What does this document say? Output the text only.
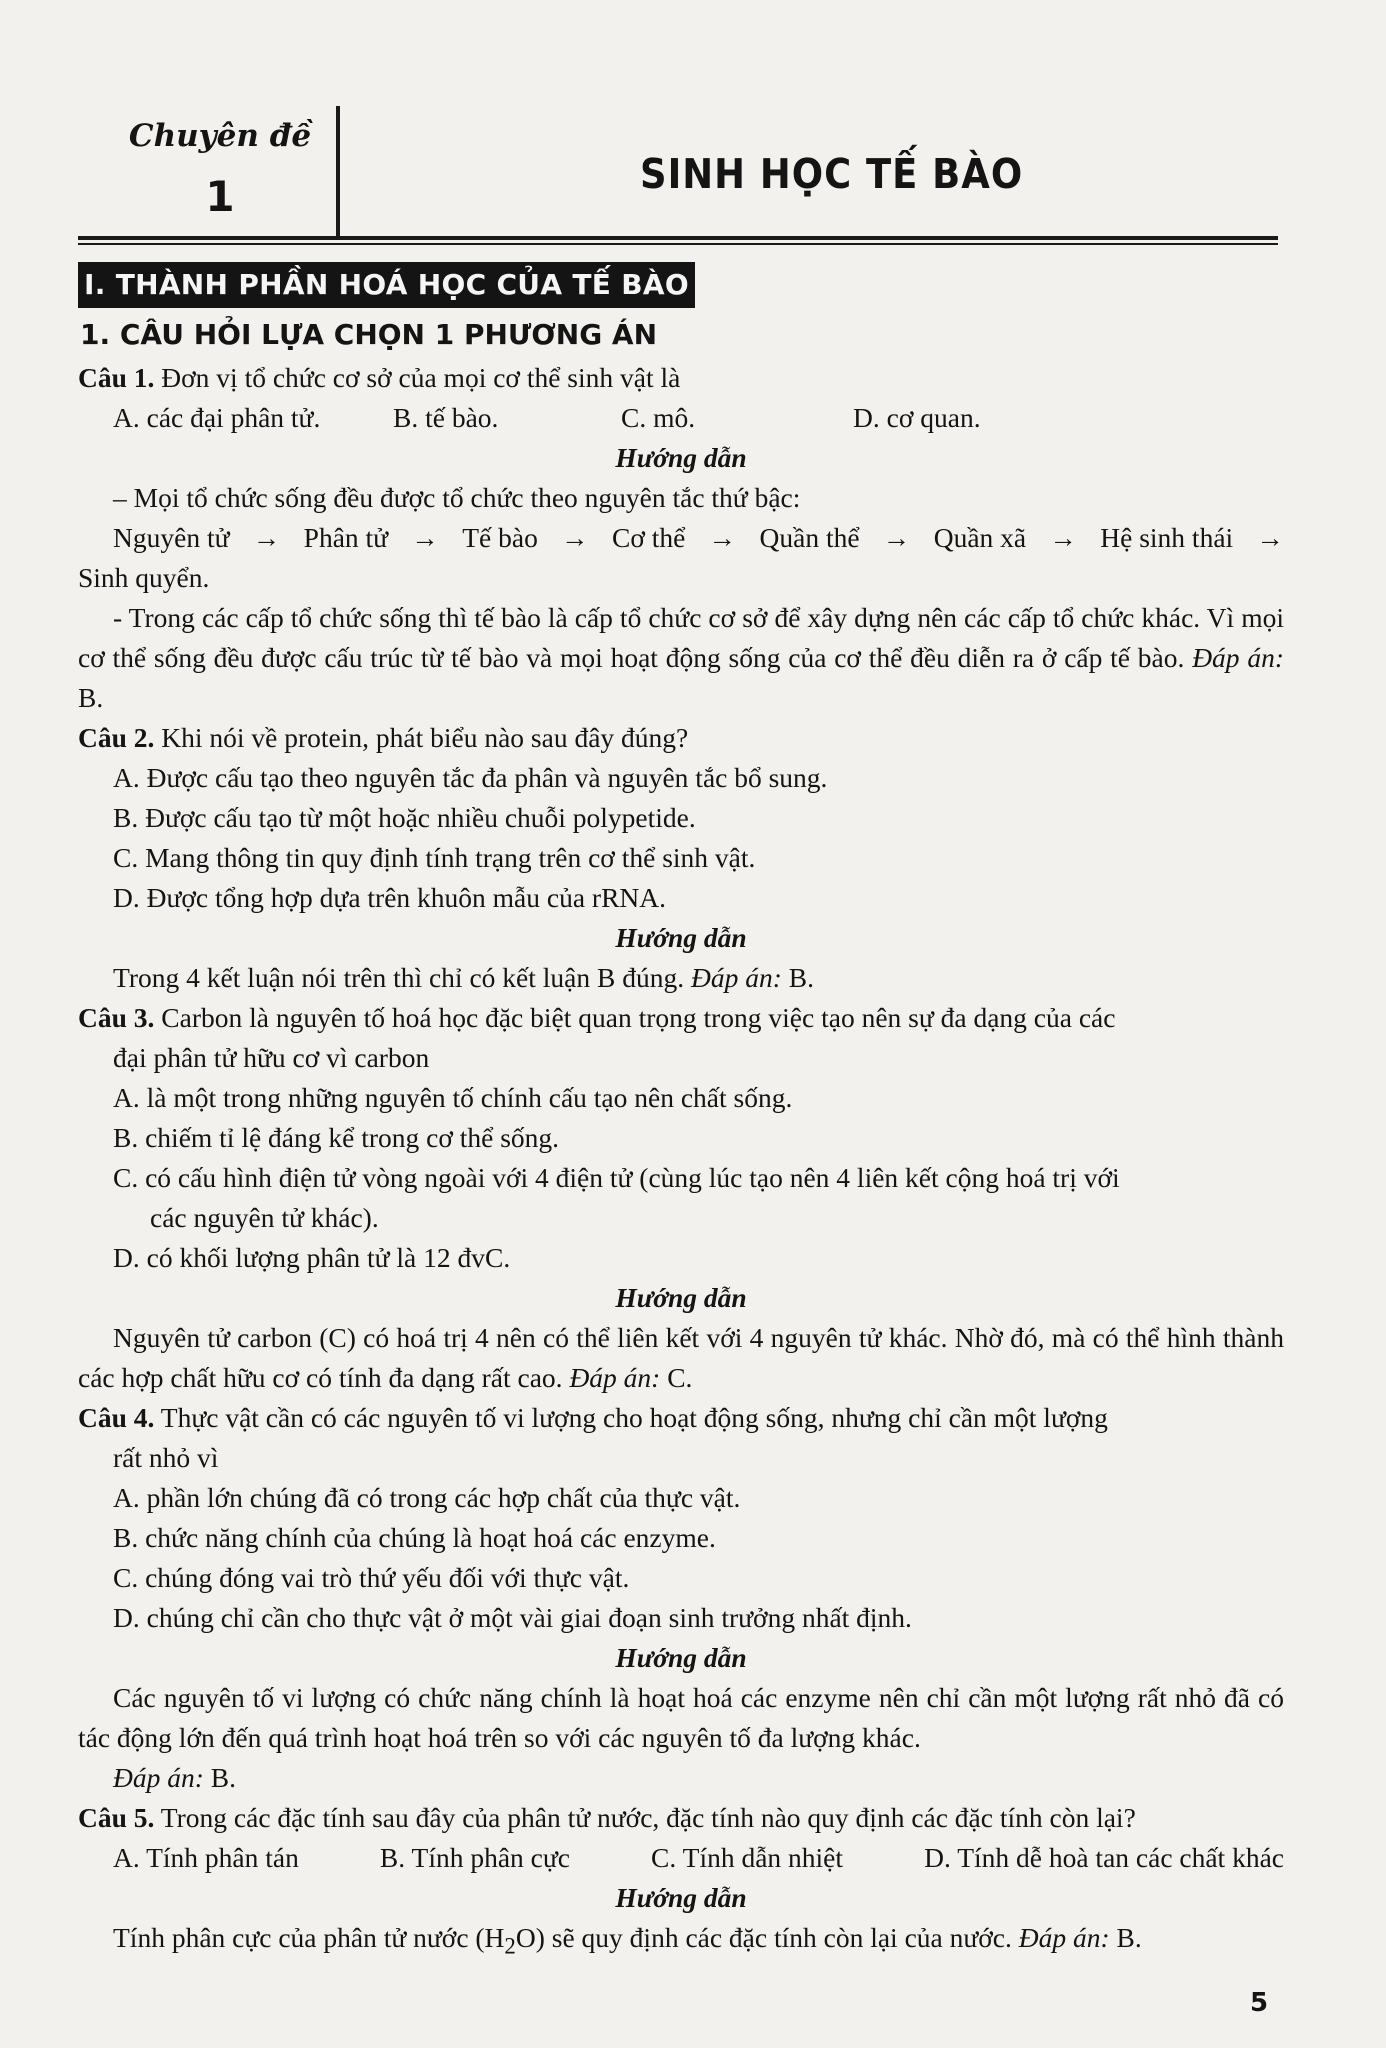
Chuyên đề
1	SINH HỌC TẾ BÀO
I. THÀNH PHẦN HOÁ HỌC CỦA TẾ BÀO
1. CÂU HỎI LỰA CHỌN 1 PHƯƠNG ÁN

Câu 1. Đơn vị tổ chức cơ sở của mọi cơ thể sinh vật là

A. các đại phân tử.	B. tế bào.	C. mô.	D. cơ quan.

Hướng dẫn

– Mọi tổ chức sống đều được tổ chức theo nguyên tắc thứ bậc:

Nguyên tử → Phân tử → Tế bào → Cơ thể → Quần thể → Quần xã → Hệ sinh thái →

Sinh quyển.

- Trong các cấp tổ chức sống thì tế bào là cấp tổ chức cơ sở để xây dựng nên các cấp tổ chức khác. Vì mọi cơ thể sống đều được cấu trúc từ tế bào và mọi hoạt động sống của cơ thể đều diễn ra ở cấp tế bào. Đáp án: B.

Câu 2. Khi nói về protein, phát biểu nào sau đây đúng?

A. Được cấu tạo theo nguyên tắc đa phân và nguyên tắc bổ sung.

B. Được cấu tạo từ một hoặc nhiều chuỗi polypetide.

C. Mang thông tin quy định tính trạng trên cơ thể sinh vật.

D. Được tổng hợp dựa trên khuôn mẫu của rRNA.

Hướng dẫn

Trong 4 kết luận nói trên thì chỉ có kết luận B đúng. Đáp án: B.

Câu 3. Carbon là nguyên tố hoá học đặc biệt quan trọng trong việc tạo nên sự đa dạng của các

đại phân tử hữu cơ vì carbon

A. là một trong những nguyên tố chính cấu tạo nên chất sống.

B. chiếm tỉ lệ đáng kể trong cơ thể sống.

C. có cấu hình điện tử vòng ngoài với 4 điện tử (cùng lúc tạo nên 4 liên kết cộng hoá trị với

các nguyên tử khác).

D. có khối lượng phân tử là 12 đvC.

Hướng dẫn

Nguyên tử carbon (C) có hoá trị 4 nên có thể liên kết với 4 nguyên tử khác. Nhờ đó, mà có thể hình thành các hợp chất hữu cơ có tính đa dạng rất cao. Đáp án: C.

Câu 4. Thực vật cần có các nguyên tố vi lượng cho hoạt động sống, nhưng chỉ cần một lượng

rất nhỏ vì

A. phần lớn chúng đã có trong các hợp chất của thực vật.

B. chức năng chính của chúng là hoạt hoá các enzyme.

C. chúng đóng vai trò thứ yếu đối với thực vật.

D. chúng chỉ cần cho thực vật ở một vài giai đoạn sinh trưởng nhất định.

Hướng dẫn

Các nguyên tố vi lượng có chức năng chính là hoạt hoá các enzyme nên chỉ cần một lượng rất nhỏ đã có tác động lớn đến quá trình hoạt hoá trên so với các nguyên tố đa lượng khác.

Đáp án: B.

Câu 5. Trong các đặc tính sau đây của phân tử nước, đặc tính nào quy định các đặc tính còn lại?

A. Tính phân tán	B. Tính phân cực	C. Tính dẫn nhiệt	D. Tính dễ hoà tan các chất khác

Hướng dẫn

Tính phân cực của phân tử nước $(H_2O)$ sẽ quy định các đặc tính còn lại của nước. Đáp án: B.

5
